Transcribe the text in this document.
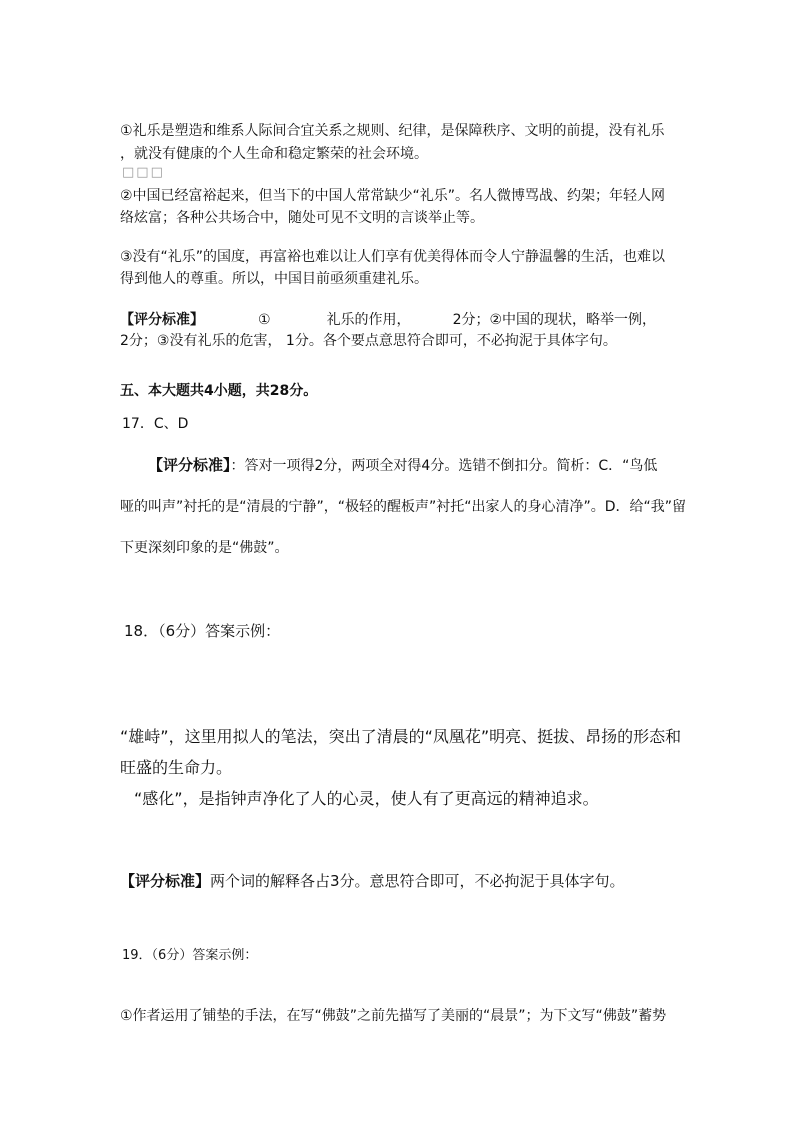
①礼乐是塑造和维系人际间合宜关系之规则、纪律，是保障秩序、文明的前提，没有礼乐
，就没有健康的个人生命和稳定繁荣的社会环境。
□□□
②中国已经富裕起来，但当下的中国人常常缺少“礼乐”。名人微博骂战、约架；年轻人网
络炫富；各种公共场合中，随处可见不文明的言谈举止等。
③没有“礼乐”的国度，再富裕也难以让人们享有优美得体而令人宁静温馨的生活，也难以
得到他人的尊重。所以，中国目前亟须重建礼乐。
【评分标准】	①	礼乐的作用，	2分；②中国的现状，略举一例，
2分；③没有礼乐的危害， 1分。各个要点意思符合即可，不必拘泥于具体字句。
五、本大题共4小题，共28分。
17．C、D
【评分标准】：答对一项得2分，两项全对得4分。选错不倒扣分。简析：C．“鸟低
哑的叫声”衬托的是“清晨的宁静”，“极轻的醒板声”衬托“出家人的身心清净”。D．给“我”留
下更深刻印象的是“佛鼓”。
18．（6分）答案示例：
“雄峙”，这里用拟人的笔法，突出了清晨的“凤凰花”明亮、挺拔、昂扬的形态和
旺盛的生命力。
“感化”，是指钟声净化了人的心灵，使人有了更高远的精神追求。
【评分标准】两个词的解释各占3分。意思符合即可，不必拘泥于具体字句。
19．（6分）答案示例：
①作者运用了铺垫的手法，在写“佛鼓”之前先描写了美丽的“晨景”；为下文写“佛鼓”蓄势
